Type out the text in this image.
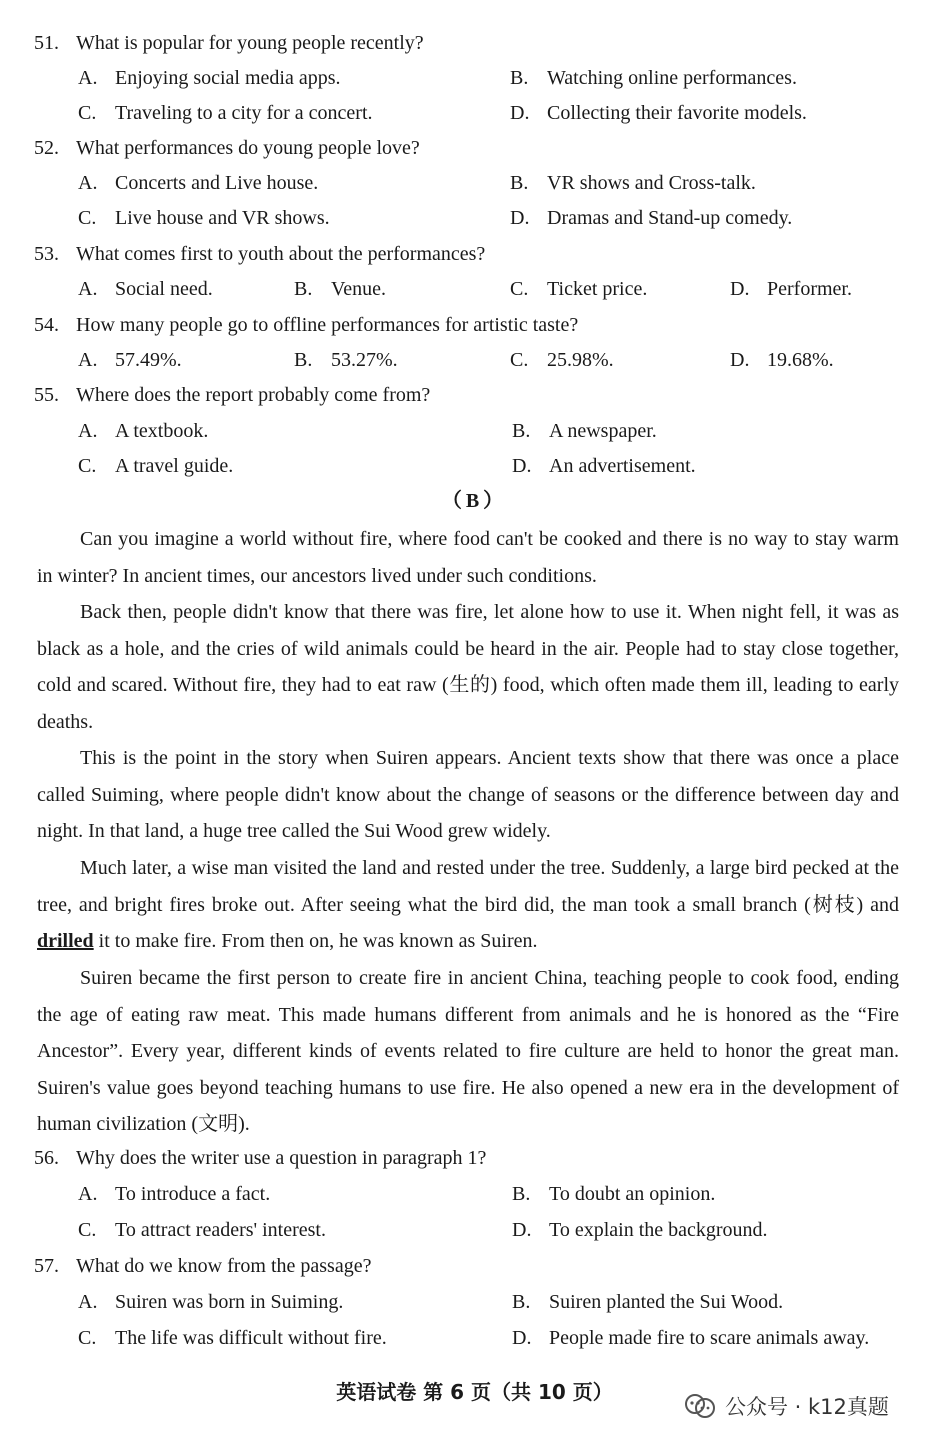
51. What is popular for young people recently?
A. Enjoying social media apps.	B. Watching online performances.
C. Traveling to a city for a concert.	D. Collecting their favorite models.
52. What performances do young people love?
A. Concerts and Live house.	B. VR shows and Cross-talk.
C. Live house and VR shows.	D. Dramas and Stand-up comedy.
53. What comes first to youth about the performances?
A. Social need.	B. Venue.	C. Ticket price.	D. Performer.
54. How many people go to offline performances for artistic taste?
A. 57.49%.	B. 53.27%.	C. 25.98%.	D. 19.68%.
55. Where does the report probably come from?
A. A textbook.	B. A newspaper.
C. A travel guide.	D. An advertisement.
（B）

Can you imagine a world without fire, where food can't be cooked and there is no way to stay warm in winter? In ancient times, our ancestors lived under such conditions.

Back then, people didn't know that there was fire, let alone how to use it. When night fell, it was as black as a hole, and the cries of wild animals could be heard in the air. People had to stay close together, cold and scared. Without fire, they had to eat raw (生的) food, which often made them ill, leading to early deaths.

This is the point in the story when Suiren appears. Ancient texts show that there was once a place called Suiming, where people didn't know about the change of seasons or the difference between day and night. In that land, a huge tree called the Sui Wood grew widely.

Much later, a wise man visited the land and rested under the tree. Suddenly, a large bird pecked at the tree, and bright fires broke out. After seeing what the bird did, the man took a small branch (树枝) and drilled it to make fire. From then on, he was known as Suiren.

Suiren became the first person to create fire in ancient China, teaching people to cook food, ending the age of eating raw meat. This made humans different from animals and he is honored as the “Fire Ancestor”. Every year, different kinds of events related to fire culture are held to honor the great man. Suiren's value goes beyond teaching humans to use fire. He also opened a new era in the development of human civilization (文明).

56. Why does the writer use a question in paragraph 1?
A. To introduce a fact.	B. To doubt an opinion.
C. To attract readers' interest.	D. To explain the background.
57. What do we know from the passage?
A. Suiren was born in Suiming.	B. Suiren planted the Sui Wood.
C. The life was difficult without fire.	D. People made fire to scare animals away.
英语试卷 第 6 页（共 10 页）
公众号 · k12真题
